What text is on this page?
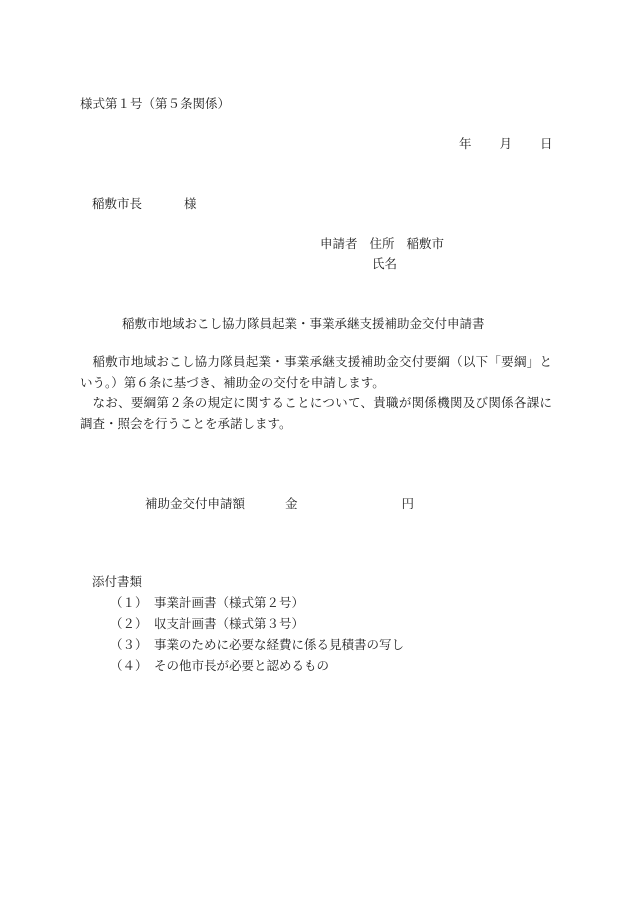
様式第１号（第５条関係）
年 月 日
稲敷市長	様
申請者 住所 稲敷市
氏名
稲敷市地域おこし協力隊員起業・事業承継支援補助金交付申請書

稲敷市地域おこし協力隊員起業・事業承継支援補助金交付要綱（以下「要綱」という。）第６条に基づき、補助金の交付を申請します。

なお、要綱第２条の規定に関することについて、貴職が関係機関及び関係各課に調査・照会を行うことを承諾します。

補助金交付申請額	金	円
添付書類
（１） 事業計画書（様式第２号）
（２） 収支計画書（様式第３号）
（３） 事業のために必要な経費に係る見積書の写し
（４） その他市長が必要と認めるもの
